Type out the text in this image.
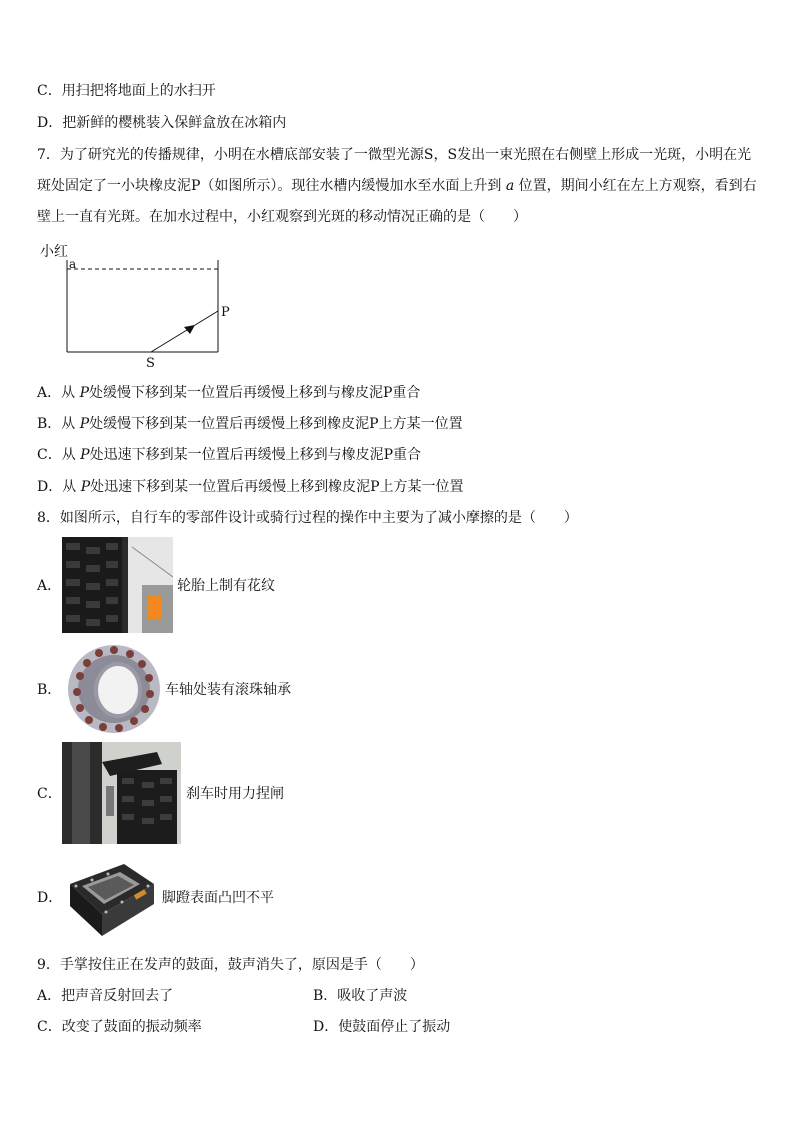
C．用扫把将地面上的水扫开
D．把新鲜的樱桃装入保鲜盒放在冰箱内
7．为了研究光的传播规律，小明在水槽底部安装了一微型光源S，S发出一束光照在右侧壁上形成一光斑，小明在光
斑处固定了一小块橡皮泥P（如图所示）。现往水槽内缓慢加水至水面上升到 a 位置，期间小红在左上方观察，看到右
壁上一直有光斑。在加水过程中，小红观察到光斑的移动情况正确的是（　　）
小红
a
P
S
A．从 P处缓慢下移到某一位置后再缓慢上移到与橡皮泥P重合
B．从 P处缓慢下移到某一位置后再缓慢上移到橡皮泥P上方某一位置
C．从 P处迅速下移到某一位置后再缓慢上移到与橡皮泥P重合
D．从 P处迅速下移到某一位置后再缓慢上移到橡皮泥P上方某一位置
8．如图所示，自行车的零部件设计或骑行过程的操作中主要为了减小摩擦的是（　　）
A．	轮胎上制有花纹
B．	车轴处装有滚珠轴承
C．	刹车时用力捏闸
D．	脚蹬表面凸凹不平
9．手掌按住正在发声的鼓面，鼓声消失了，原因是手（　　）
A．把声音反射回去了	B．吸收了声波
C．改变了鼓面的振动频率	D．使鼓面停止了振动
